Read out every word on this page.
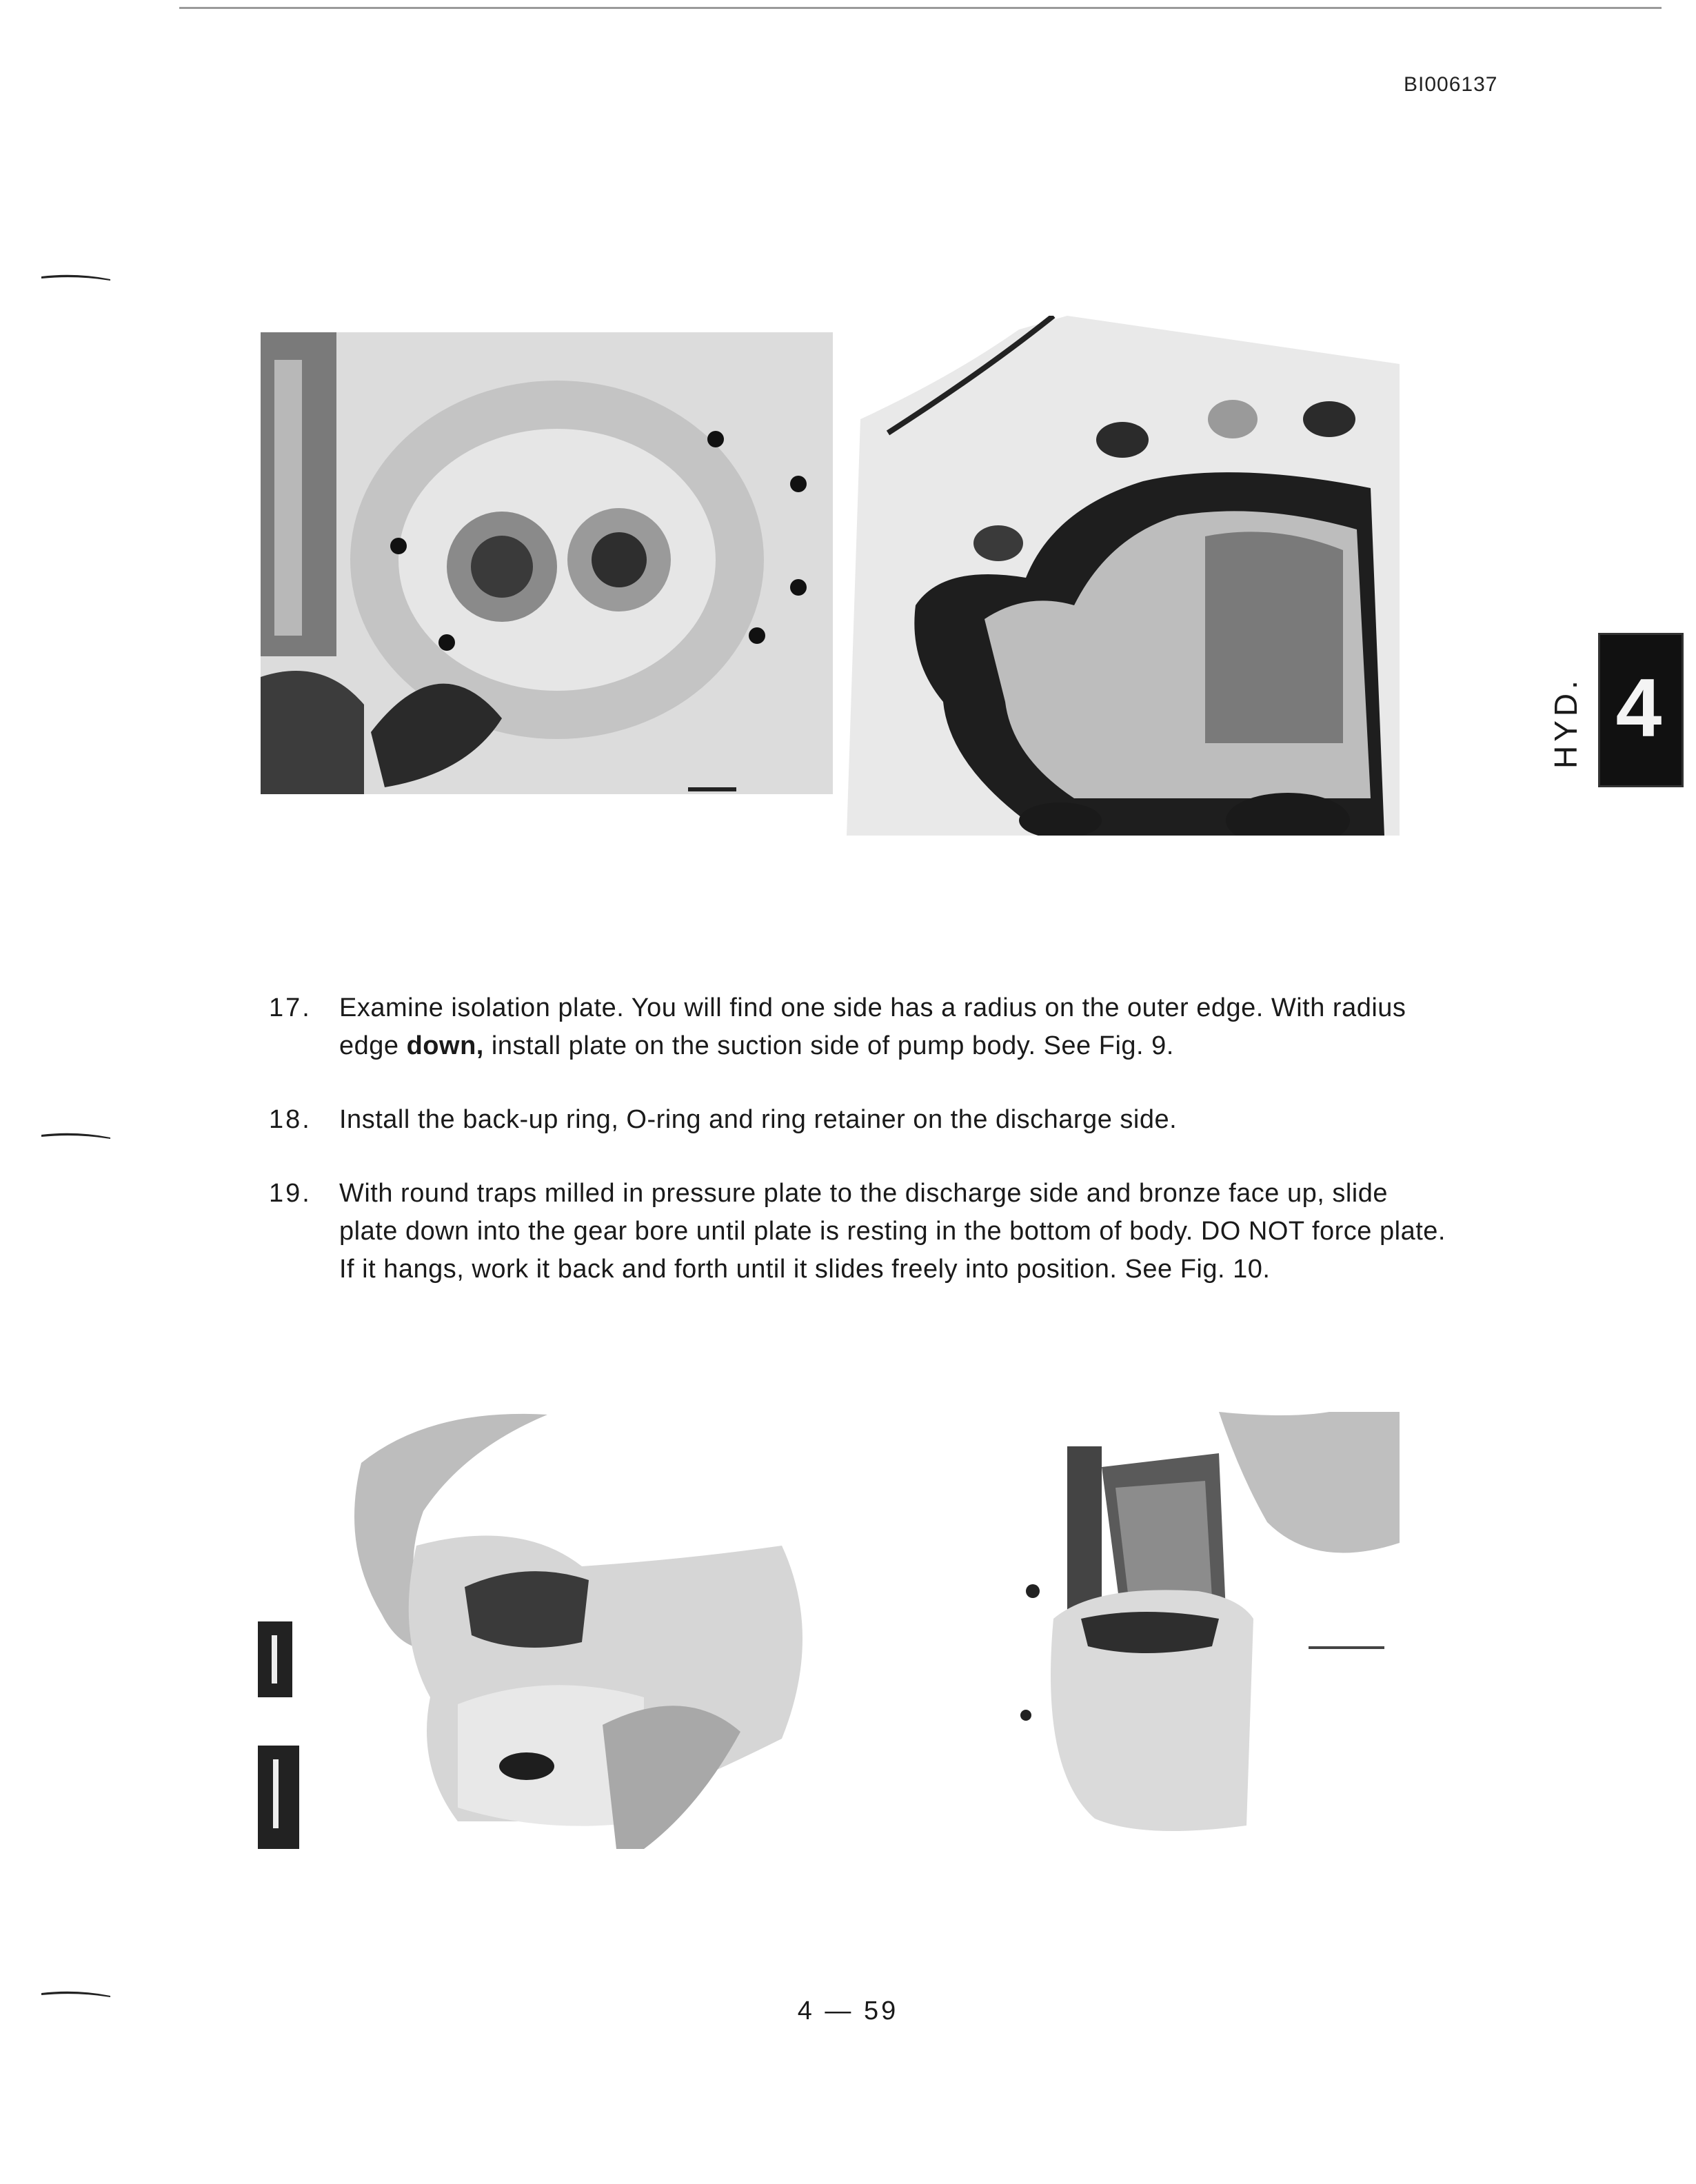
BI006137
HYD. 4
17.	Examine isolation plate. You will find one side has a radius on the outer edge. With radius edge down, install plate on the suction side of pump body. See Fig. 9.
18.	Install the back-up ring, O-ring and ring retainer on the discharge side.
19.	With round traps milled in pressure plate to the discharge side and bronze face up, slide plate down into the gear bore until plate is resting in the bottom of body. DO NOT force plate. If it hangs, work it back and forth until it slides freely into position. See Fig. 10.
4 — 59
